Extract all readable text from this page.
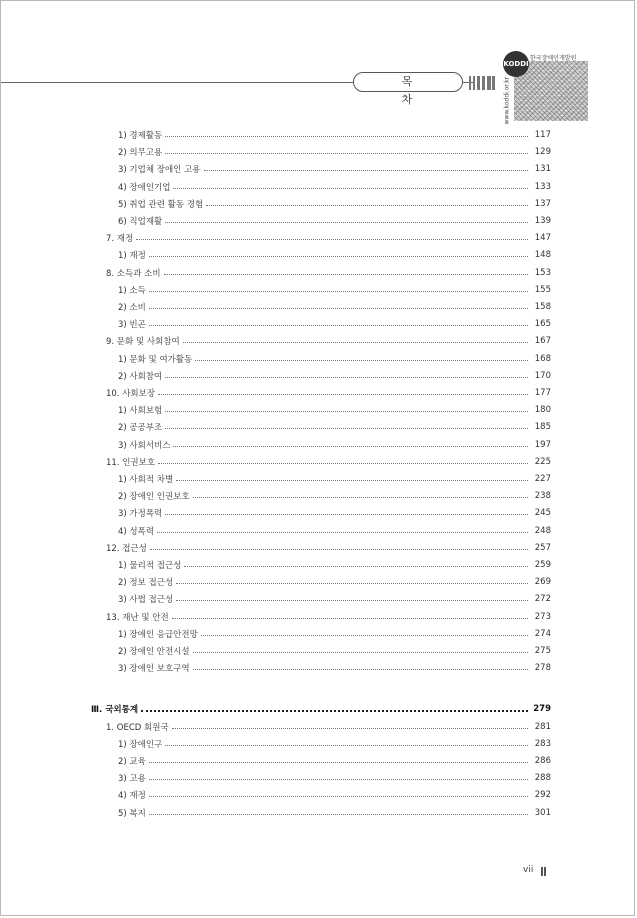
목 차
KODDI
한국장애인개발원
www.koddi.or.kr
1) 경제활동	117
2) 의무고용	129
3) 기업체 장애인 고용	131
4) 장애인기업	133
5) 취업 관련 활동 경험	137
6) 직업재활	139
7. 재정	147
1) 재정	148
8. 소득과 소비	153
1) 소득	155
2) 소비	158
3) 빈곤	165
9. 문화 및 사회참여	167
1) 문화 및 여가활동	168
2) 사회참여	170
10. 사회보장	177
1) 사회보험	180
2) 공공부조	185
3) 사회서비스	197
11. 인권보호	225
1) 사회적 차별	227
2) 장애인 인권보호	238
3) 가정폭력	245
4) 성폭력	248
12. 접근성	257
1) 물리적 접근성	259
2) 정보 접근성	269
3) 사법 접근성	272
13. 재난 및 안전	273
1) 장애인 응급안전망	274
2) 장애인 안전시설	275
3) 장애인 보호구역	278
Ⅲ. 국외통계	279
1. OECD 회원국	281
1) 장애인구	283
2) 교육	286
3) 고용	288
4) 재정	292
5) 복지	301
vii
